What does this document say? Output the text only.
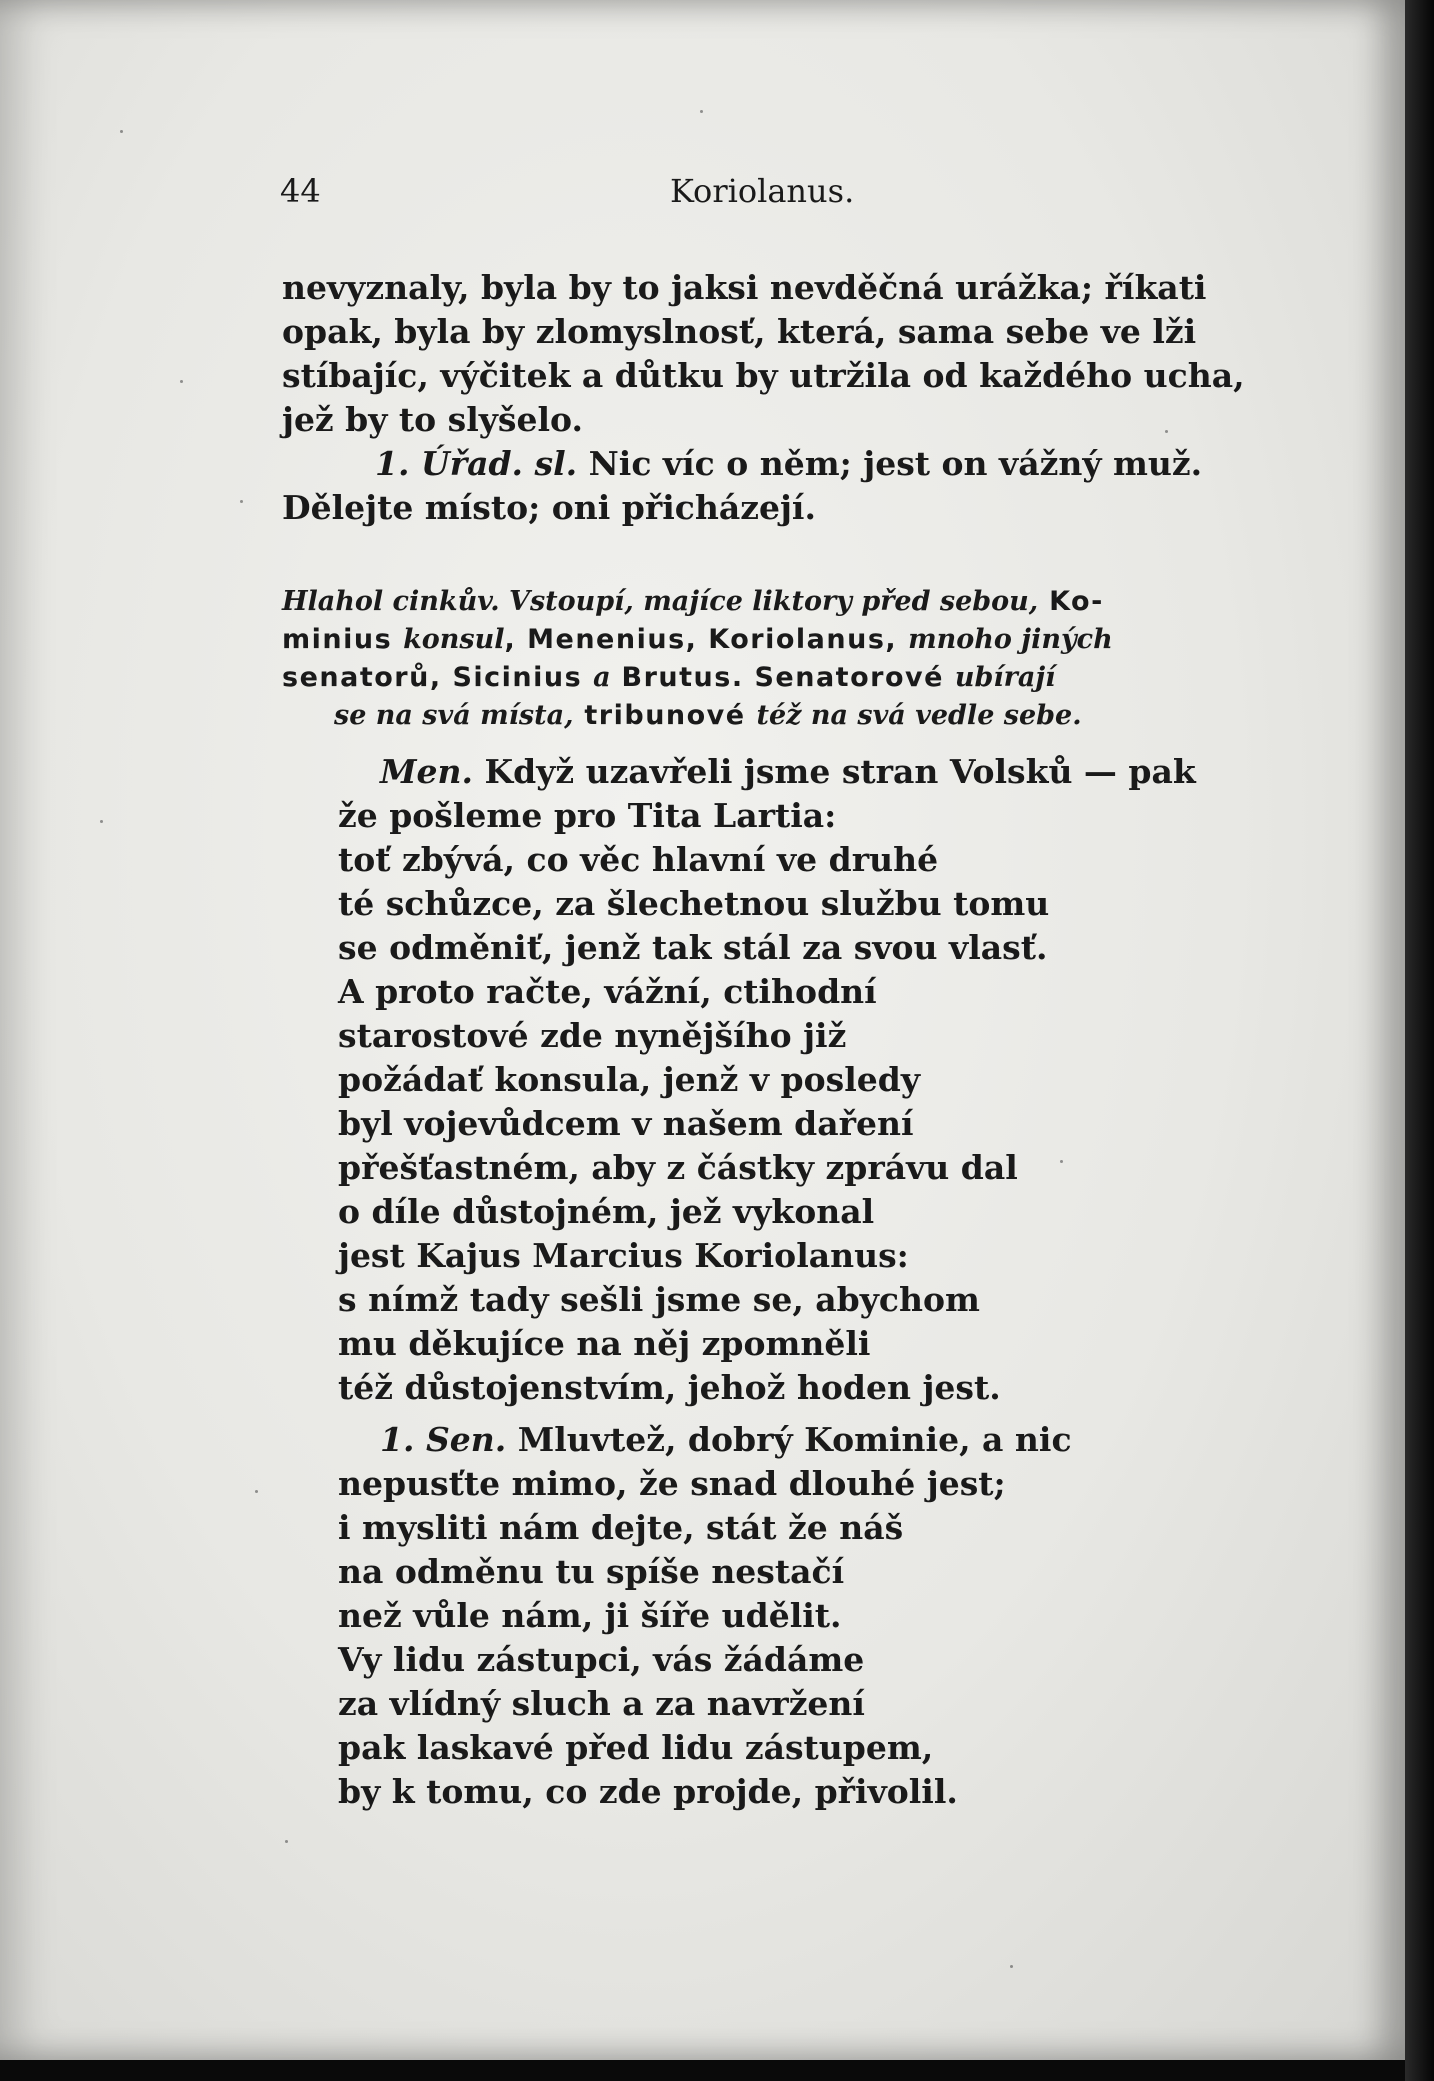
44	Koriolanus.
nevyznaly, byla by to jaksi nevděčná urážka; říkati
opak, byla by zlomyslnosť, která, sama sebe ve lži
stíbajíc, výčitek a důtku by utržila od každého ucha,
jež by to slyšelo.
1. Úřad. sl. Nic víc o něm; jest on vážný muž.
Dělejte místo; oni přicházejí.
Hlahol cinkův. Vstoupí, majíce liktory před sebou, Ko-
minius konsul, Menenius, Koriolanus, mnoho jiných
senatorů, Sicinius a Brutus. Senatorové ubírají
se na svá místa, tribunové též na svá vedle sebe.
Men. Když uzavřeli jsme stran Volsků — pak
že pošleme pro Tita Lartia:
toť zbývá, co věc hlavní ve druhé
té schůzce, za šlechetnou službu tomu
se odměniť, jenž tak stál za svou vlasť.
A proto račte, vážní, ctihodní
starostové zde nynějšího již
požádať konsula, jenž v posledy
byl vojevůdcem v našem daření
přešťastném, aby z částky zprávu dal
o díle důstojném, jež vykonal
jest Kajus Marcius Koriolanus:
s nímž tady sešli jsme se, abychom
mu děkujíce na něj zpomněli
též důstojenstvím, jehož hoden jest.
1. Sen. Mluvtež, dobrý Kominie, a nic
nepusťte mimo, že snad dlouhé jest;
i mysliti nám dejte, stát že náš
na odměnu tu spíše nestačí
než vůle nám, ji šíře udělit.
Vy lidu zástupci, vás žádáme
za vlídný sluch a za navržení
pak laskavé před lidu zástupem,
by k tomu, co zde projde, přivolil.
